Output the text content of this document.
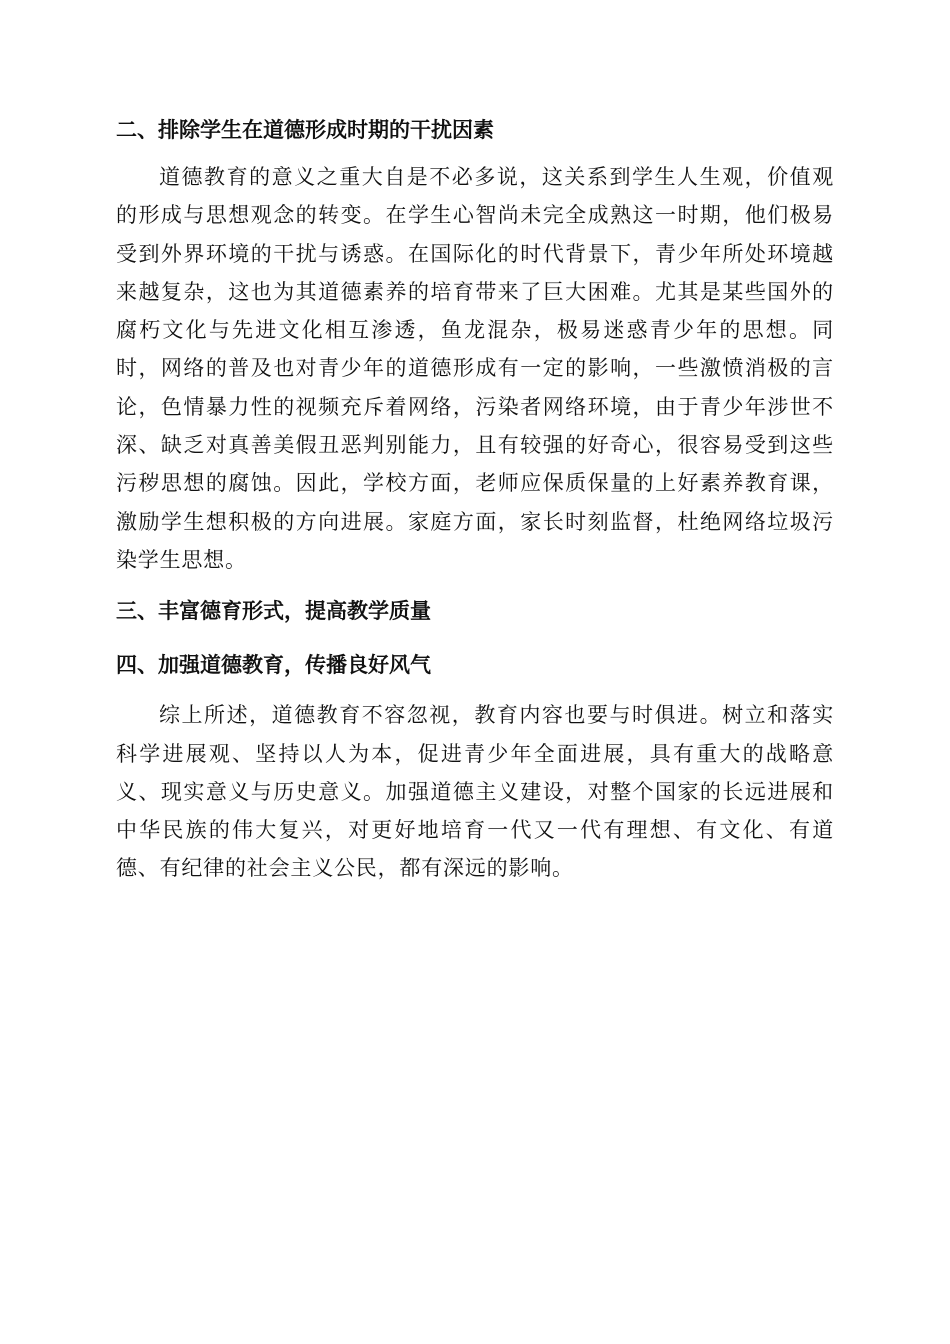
二、排除学生在道德形成时期的干扰因素

道德教育的意义之重大自是不必多说，这关系到学生人生观，价值观的形成与思想观念的转变。在学生心智尚未完全成熟这一时期，他们极易受到外界环境的干扰与诱惑。在国际化的时代背景下，青少年所处环境越来越复杂，这也为其道德素养的培育带来了巨大困难。尤其是某些国外的腐朽文化与先进文化相互渗透，鱼龙混杂，极易迷惑青少年的思想。同时，网络的普及也对青少年的道德形成有一定的影响，一些激愤消极的言论，色情暴力性的视频充斥着网络，污染者网络环境，由于青少年涉世不深、缺乏对真善美假丑恶判别能力，且有较强的好奇心，很容易受到这些污秽思想的腐蚀。因此，学校方面，老师应保质保量的上好素养教育课，激励学生想积极的方向进展。家庭方面，家长时刻监督，杜绝网络垃圾污染学生思想。

三、丰富德育形式，提高教学质量
四、加强道德教育，传播良好风气

综上所述，道德教育不容忽视，教育内容也要与时俱进。树立和落实科学进展观、坚持以人为本，促进青少年全面进展，具有重大的战略意义、现实意义与历史意义。加强道德主义建设，对整个国家的长远进展和中华民族的伟大复兴，对更好地培育一代又一代有理想、有文化、有道德、有纪律的社会主义公民，都有深远的影响。
